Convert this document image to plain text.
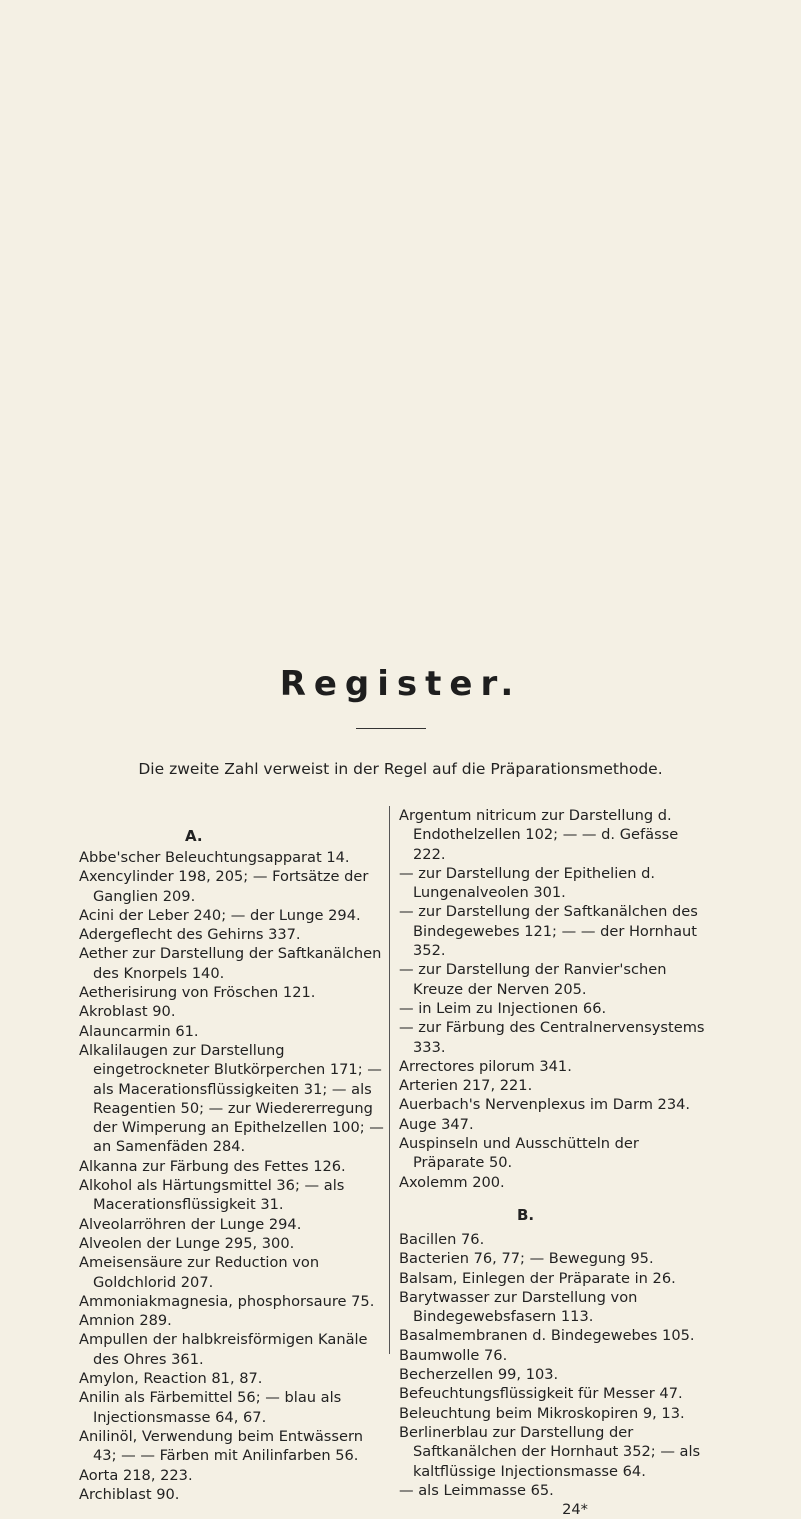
Register.
Die zweite Zahl verweist in der Regel auf die Präparationsmethode.
A.

Abbe'scher Beleuchtungsapparat 14.

Axencylinder 198, 205; — Fortsätze der Ganglien 209.

Acini der Leber 240; — der Lunge 294.

Adergeflecht des Gehirns 337.

Aether zur Darstellung der Saftkanälchen des Knorpels 140.

Aetherisirung von Fröschen 121.

Akroblast 90.

Alauncarmin 61.

Alkalilaugen zur Darstellung eingetrockneter Blutkörperchen 171; — als Macerationsflüssigkeiten 31; — als Reagentien 50; — zur Wiedererregung der Wimperung an Epithelzellen 100; — an Samenfäden 284.

Alkanna zur Färbung des Fettes 126.

Alkohol als Härtungsmittel 36; — als Macerationsflüssigkeit 31.

Alveolarröhren der Lunge 294.

Alveolen der Lunge 295, 300.

Ameisensäure zur Reduction von Goldchlorid 207.

Ammoniakmagnesia, phosphorsaure 75.

Amnion 289.

Ampullen der halbkreisförmigen Kanäle des Ohres 361.

Amylon, Reaction 81, 87.

Anilin als Färbemittel 56; — blau als Injectionsmasse 64, 67.

Anilinöl, Verwendung beim Entwässern 43; — — Färben mit Anilinfarben 56.

Aorta 218, 223.

Archiblast 90.

Argentum nitricum zur Darstellung d. Endothelzellen 102; — — d. Gefässe 222.

— zur Darstellung der Epithelien d. Lungenalveolen 301.

— zur Darstellung der Saftkanälchen des Bindegewebes 121; — — der Hornhaut 352.

— zur Darstellung der Ranvier'schen Kreuze der Nerven 205.

— in Leim zu Injectionen 66.

— zur Färbung des Centralnervensystems 333.

Arrectores pilorum 341.

Arterien 217, 221.

Auerbach's Nervenplexus im Darm 234.

Auge 347.

Auspinseln und Ausschütteln der Präparate 50.

Axolemm 200.

B.

Bacillen 76.

Bacterien 76, 77; — Bewegung 95.

Balsam, Einlegen der Präparate in 26.

Barytwasser zur Darstellung von Bindegewebsfasern 113.

Basalmembranen d. Bindegewebes 105.

Baumwolle 76.

Becherzellen 99, 103.

Befeuchtungsflüssigkeit für Messer 47.

Beleuchtung beim Mikroskopiren 9, 13.

Berlinerblau zur Darstellung der Saftkanälchen der Hornhaut 352; — als kaltflüssige Injectionsmasse 64.

— als Leimmasse 65.

24*
